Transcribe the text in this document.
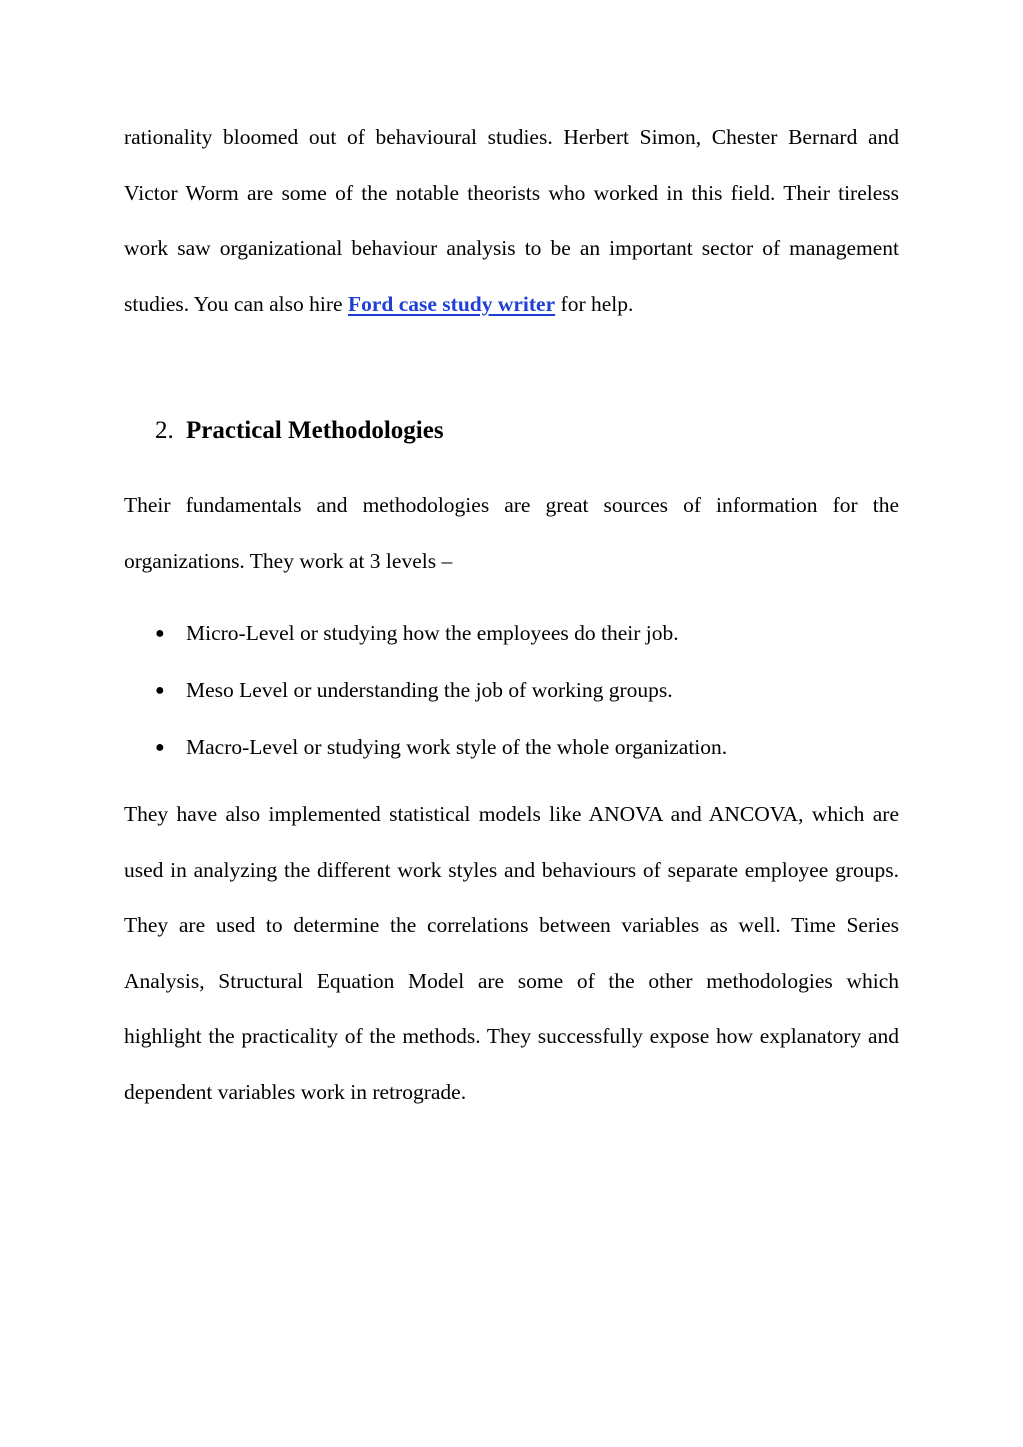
rationality bloomed out of behavioural studies. Herbert Simon, Chester Bernard and Victor Worm are some of the notable theorists who worked in this field. Their tireless work saw organizational behaviour analysis to be an important sector of management studies. You can also hire Ford case study writer for help.

2. Practical Methodologies

Their fundamentals and methodologies are great sources of information for the organizations. They work at 3 levels –

● Micro-Level or studying how the employees do their job.
● Meso Level or understanding the job of working groups.
● Macro-Level or studying work style of the whole organization.

They have also implemented statistical models like ANOVA and ANCOVA, which are used in analyzing the different work styles and behaviours of separate employee groups. They are used to determine the correlations between variables as well. Time Series Analysis, Structural Equation Model are some of the other methodologies which highlight the practicality of the methods. They successfully expose how explanatory and dependent variables work in retrograde.
